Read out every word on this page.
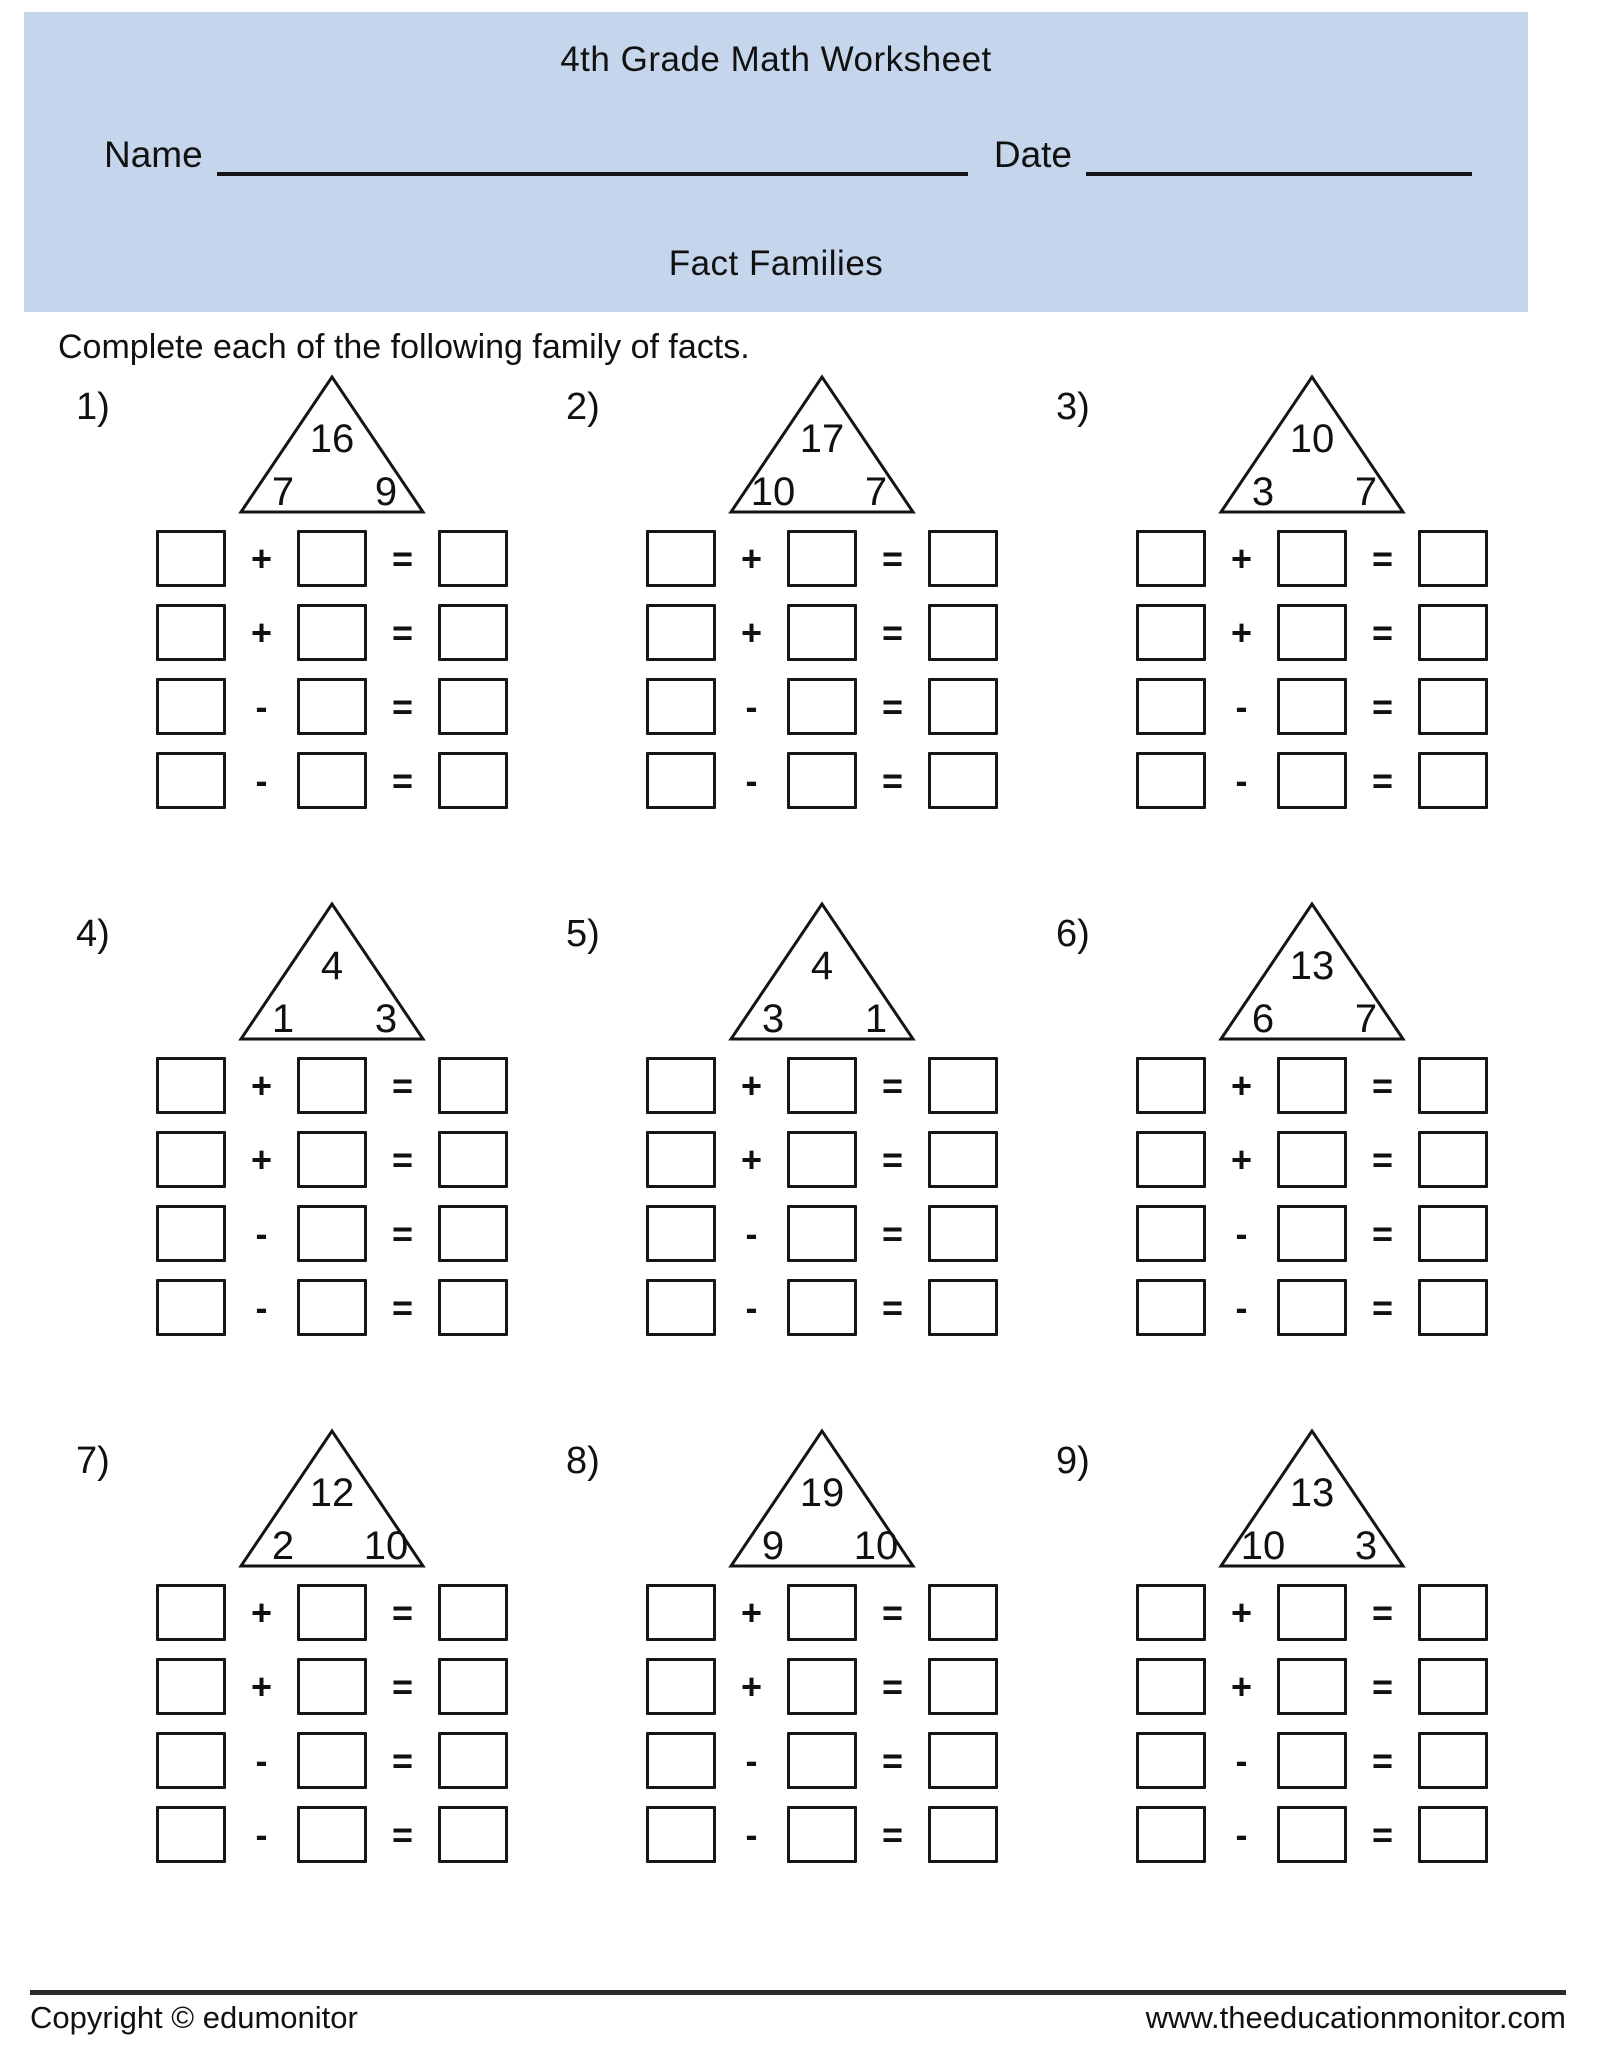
4th Grade Math Worksheet
Name	Date
Fact Families
Complete each of the following family of facts.
1)
16
7 9
+	=
+	=
-	=
-	=
2)
17
10 7
+	=
+	=
-	=
-	=
3)
10
3 7
+	=
+	=
-	=
-	=
4)
4
1 3
+	=
+	=
-	=
-	=
5)
4
3 1
+	=
+	=
-	=
-	=
6)
13
6 7
+	=
+	=
-	=
-	=
7)
12
2 10
+	=
+	=
-	=
-	=
8)
19
9 10
+	=
+	=
-	=
-	=
9)
13
10 3
+	=
+	=
-	=
-	=
Copyright © edumonitor	www.theeducationmonitor.com
